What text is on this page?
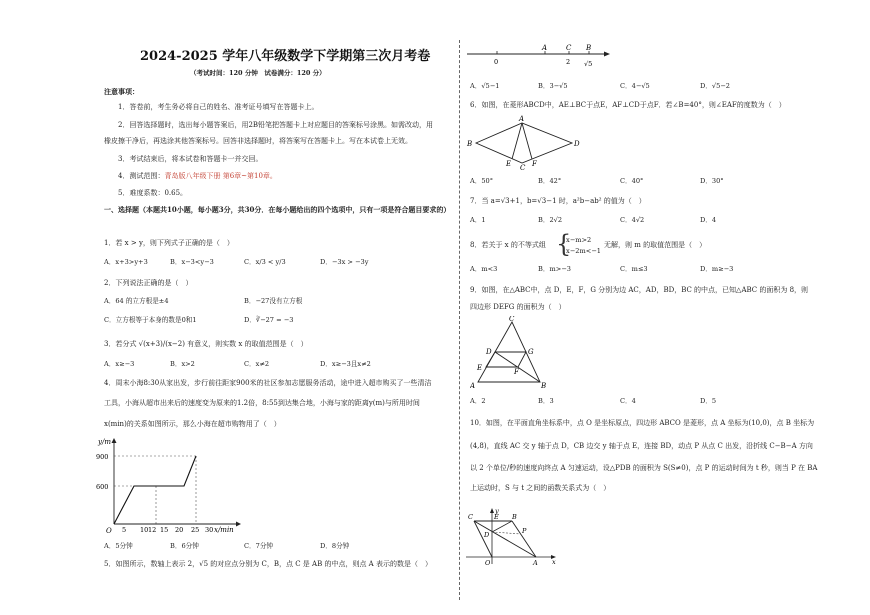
2024-2025 学年八年级数学下学期第三次月考卷
（考试时间：120 分钟　试卷满分：120 分）
注意事项：
1．答卷前，考生务必将自己的姓名、准考证号填写在答题卡上。
2．回答选择题时，选出每小题答案后，用2B铅笔把答题卡上对应题目的答案标号涂黑。如需改动，用
橡皮擦干净后，再选涂其他答案标号。回答非选择题时，将答案写在答题卡上。写在本试卷上无效。
3．考试结束后，将本试卷和答题卡一并交回。
4．测试范围：青岛版八年级下册 第6章~第10章。
5．难度系数：0.65。
一、选择题（本题共10小题，每小题3分，共30分．在每小题给出的四个选项中，只有一项是符合题目要求的）
1．若 x > y，则下列式子正确的是（　）
A．x+3>y+3	B．x−3<y−3	C．x/3 < y/3	D．−3x > −3y
2．下列说法正确的是（　）
A．64 的立方根是±4	B．−27没有立方根
C．立方根等于本身的数是0和1	D．∛−27 = −3
3．若分式 √(x+3)/(x−2) 有意义，则实数 x 的取值范围是（　）
A．x≥−3	B．x>2	C．x≠2	D．x≥−3且x≠2
4．周末小海8:30从家出发，步行前往距家900米的社区参加志愿服务活动，途中进入超市购买了一些清洁
工具，小海从超市出来后的速度变为原来的1.2倍，8:55到达集合地，小海与家的距离y(m)与所用时间
x(min)的关系如图所示，那么小海在超市购物用了（　）
y/m
900
600
O 5 10 12 15 20 25 30 x/min
A．5分钟	B．6分钟	C．7分钟	D．8分钟
5．如图所示，数轴上表示 2，√5 的对应点分别为 C，B，点 C 是 AB 的中点，则点 A 表示的数是（　）
A	C B
0	2 √5
A．√5−1	B．3−√5	C．4−√5	D．√5−2
6．如图，在菱形ABCD中，AE⊥BC于点E，AF⊥CD于点F．若∠B=40°，则∠EAF的度数为（　）
A
B
C
D
E	F
A．50°	B．42°	C．40°	D．30°
7．当 a=√3+1，b=√3−1 时，a²b−ab² 的值为（　）
A．1	B．2√2	C．4√2	D．4
8．若关于 x 的不等式组 {
x−m>2
x−2m<−1
无解，则 m 的取值范围是（　）
A．m<3	B．m>−3	C．m≤3	D．m≥−3
9．如图，在△ABC中，点 D，E，F，G 分别为边 AC，AD，BD，BC 的中点，已知△ABC 的面积为 8，则
四边形 DEFG 的面积为（　）
C
D	G
E	F
A	B
A．2	B．3	C．4	D．5
10．如图，在平面直角坐标系中，点 O 是坐标原点，四边形 ABCO 是菱形，点 A 坐标为(10,0)，点 B 坐标为
(4,8)，直线 AC 交 y 轴于点 D，CB 边交 y 轴于点 E，连接 BD，动点 P 从点 C 出发，沿折线 C−B−A 方向
以 2 个单位/秒的速度向终点 A 匀速运动，设△PDB 的面积为 S(S≠0)，点 P 的运动时间为 t 秒，则当 P 在 BA
上运动时，S 与 t 之间的函数关系式为（　）
y
C	E B
P
D
O	A x
